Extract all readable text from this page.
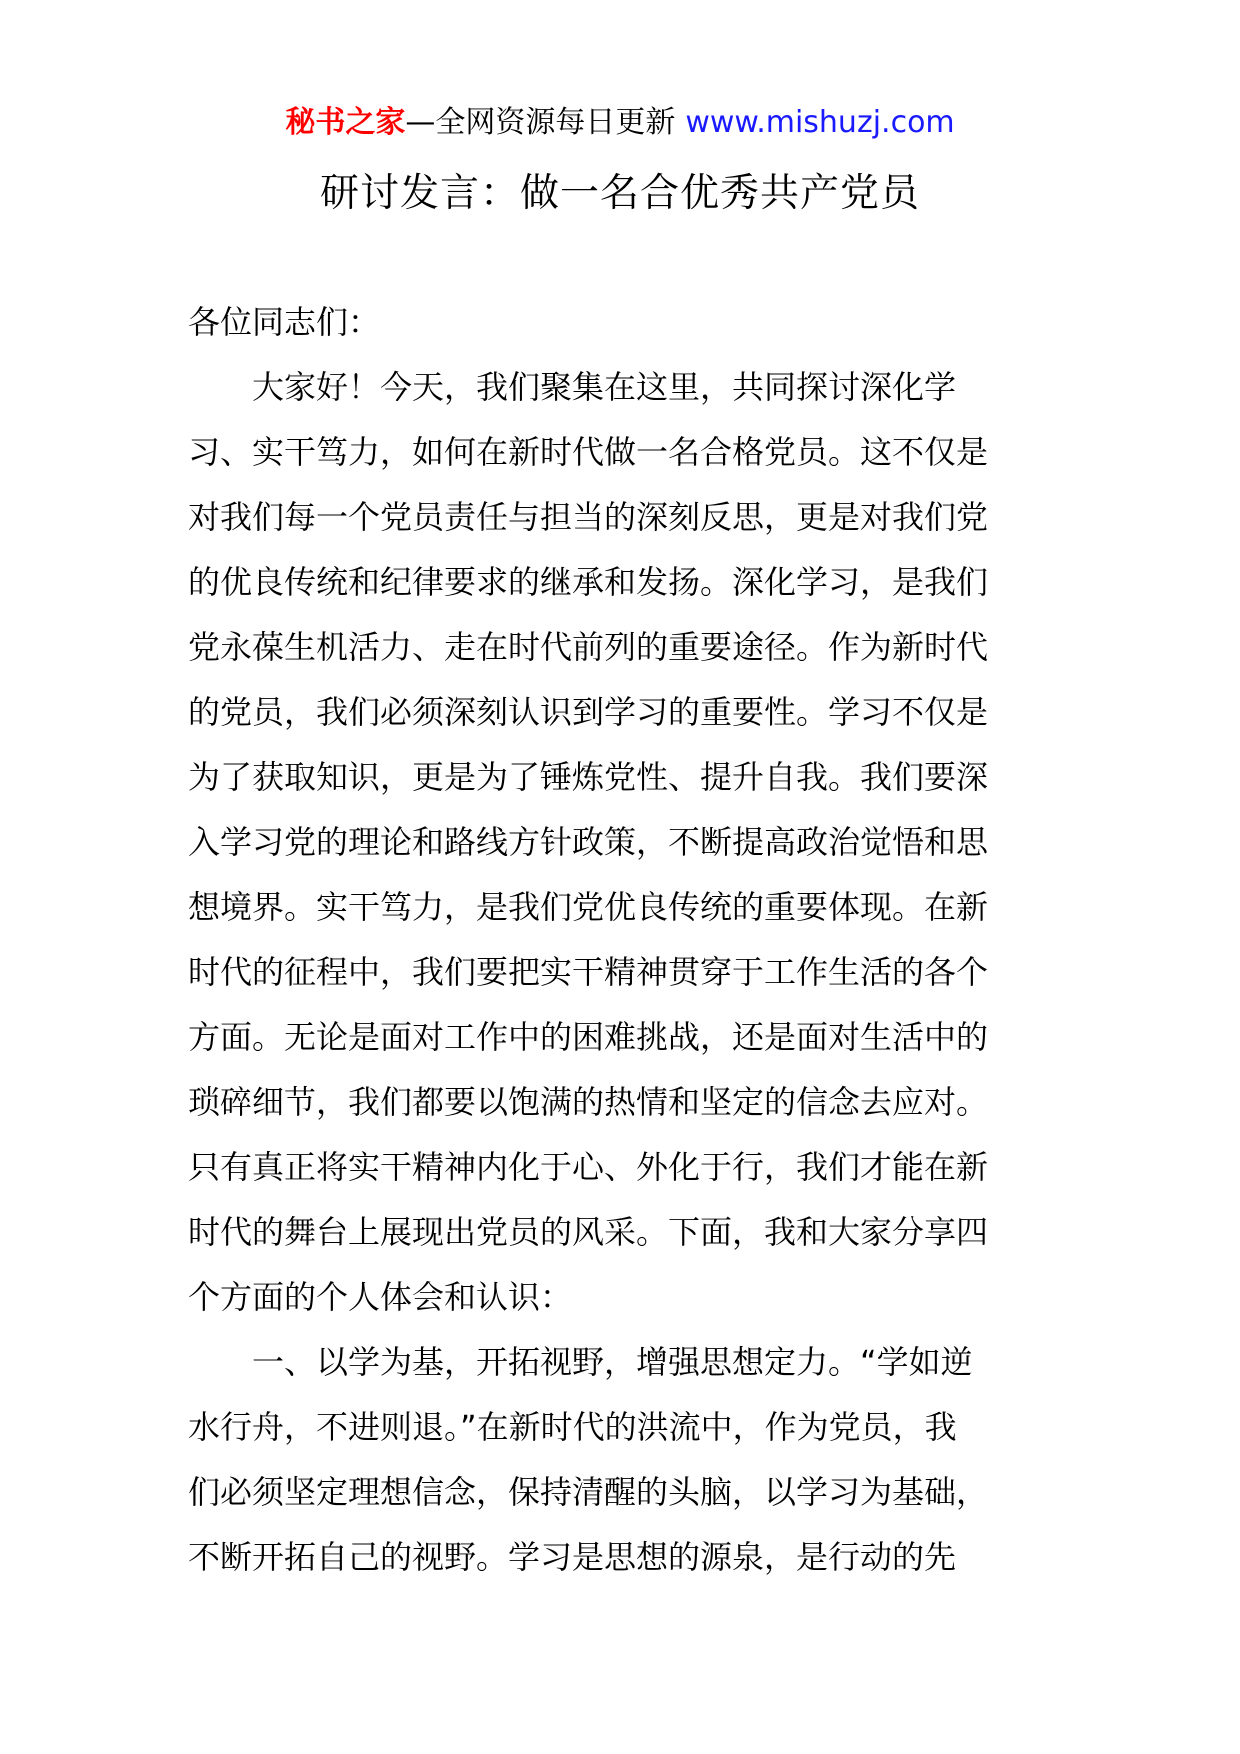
秘书之家—全网资源每日更新 www.mishuzj.com
研讨发言：做一名合优秀共产党员
各位同志们：
大家好！今天，我们聚集在这里，共同探讨深化学
习、实干笃力，如何在新时代做一名合格党员。这不仅是
对我们每一个党员责任与担当的深刻反思，更是对我们党
的优良传统和纪律要求的继承和发扬。深化学习，是我们
党永葆生机活力、走在时代前列的重要途径。作为新时代
的党员，我们必须深刻认识到学习的重要性。学习不仅是
为了获取知识，更是为了锤炼党性、提升自我。我们要深
入学习党的理论和路线方针政策，不断提高政治觉悟和思
想境界。实干笃力，是我们党优良传统的重要体现。在新
时代的征程中，我们要把实干精神贯穿于工作生活的各个
方面。无论是面对工作中的困难挑战，还是面对生活中的
琐碎细节，我们都要以饱满的热情和坚定的信念去应对。
只有真正将实干精神内化于心、外化于行，我们才能在新
时代的舞台上展现出党员的风采。下面，我和大家分享四
个方面的个人体会和认识：
一、以学为基，开拓视野，增强思想定力。“学如逆
水行舟，不进则退。”在新时代的洪流中，作为党员，我
们必须坚定理想信念，保持清醒的头脑，以学习为基础，
不断开拓自己的视野。学习是思想的源泉，是行动的先
